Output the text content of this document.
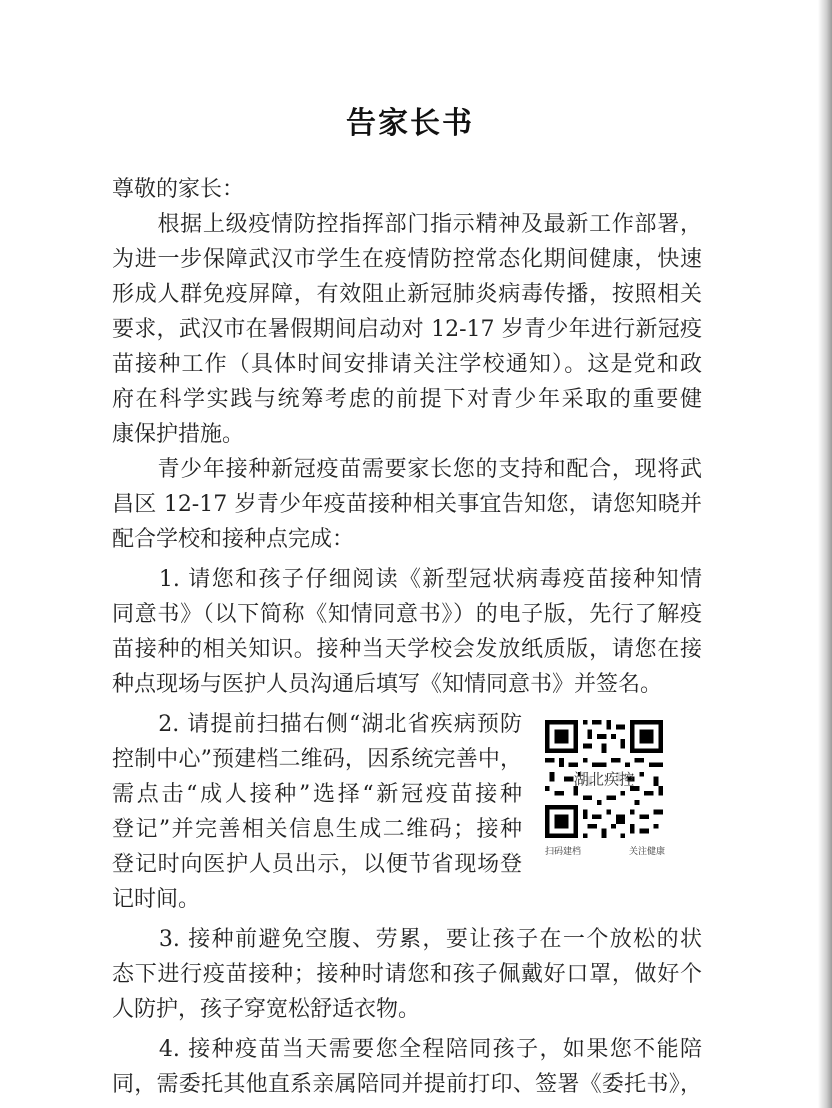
告家长书
尊敬的家长：
　　根据上级疫情防控指挥部门指示精神及最新工作部署，
为进一步保障武汉市学生在疫情防控常态化期间健康，快速
形成人群免疫屏障，有效阻止新冠肺炎病毒传播，按照相关
要求，武汉市在暑假期间启动对 12-17 岁青少年进行新冠疫
苗接种工作（具体时间安排请关注学校通知）。这是党和政
府在科学实践与统筹考虑的前提下对青少年采取的重要健
康保护措施。
　　青少年接种新冠疫苗需要家长您的支持和配合，现将武
昌区 12-17 岁青少年疫苗接种相关事宜告知您，请您知晓并
配合学校和接种点完成：
　　1. 请您和孩子仔细阅读《新型冠状病毒疫苗接种知情
同意书》（以下简称《知情同意书》）的电子版，先行了解疫
苗接种的相关知识。接种当天学校会发放纸质版，请您在接
种点现场与医护人员沟通后填写《知情同意书》并签名。
　　2. 请提前扫描右侧“湖北省疾病预防
控制中心”预建档二维码，因系统完善中，
需点击“成人接种”选择“新冠疫苗接种
登记”并完善相关信息生成二维码；接种
登记时向医护人员出示，以便节省现场登
记时间。
　　3. 接种前避免空腹、劳累，要让孩子在一个放松的状
态下进行疫苗接种；接种时请您和孩子佩戴好口罩，做好个
人防护，孩子穿宽松舒适衣物。
　　4. 接种疫苗当天需要您全程陪同孩子，如果您不能陪
同，需委托其他直系亲属陪同并提前打印、签署《委托书》，
湖北疾控
扫码建档	关注健康
